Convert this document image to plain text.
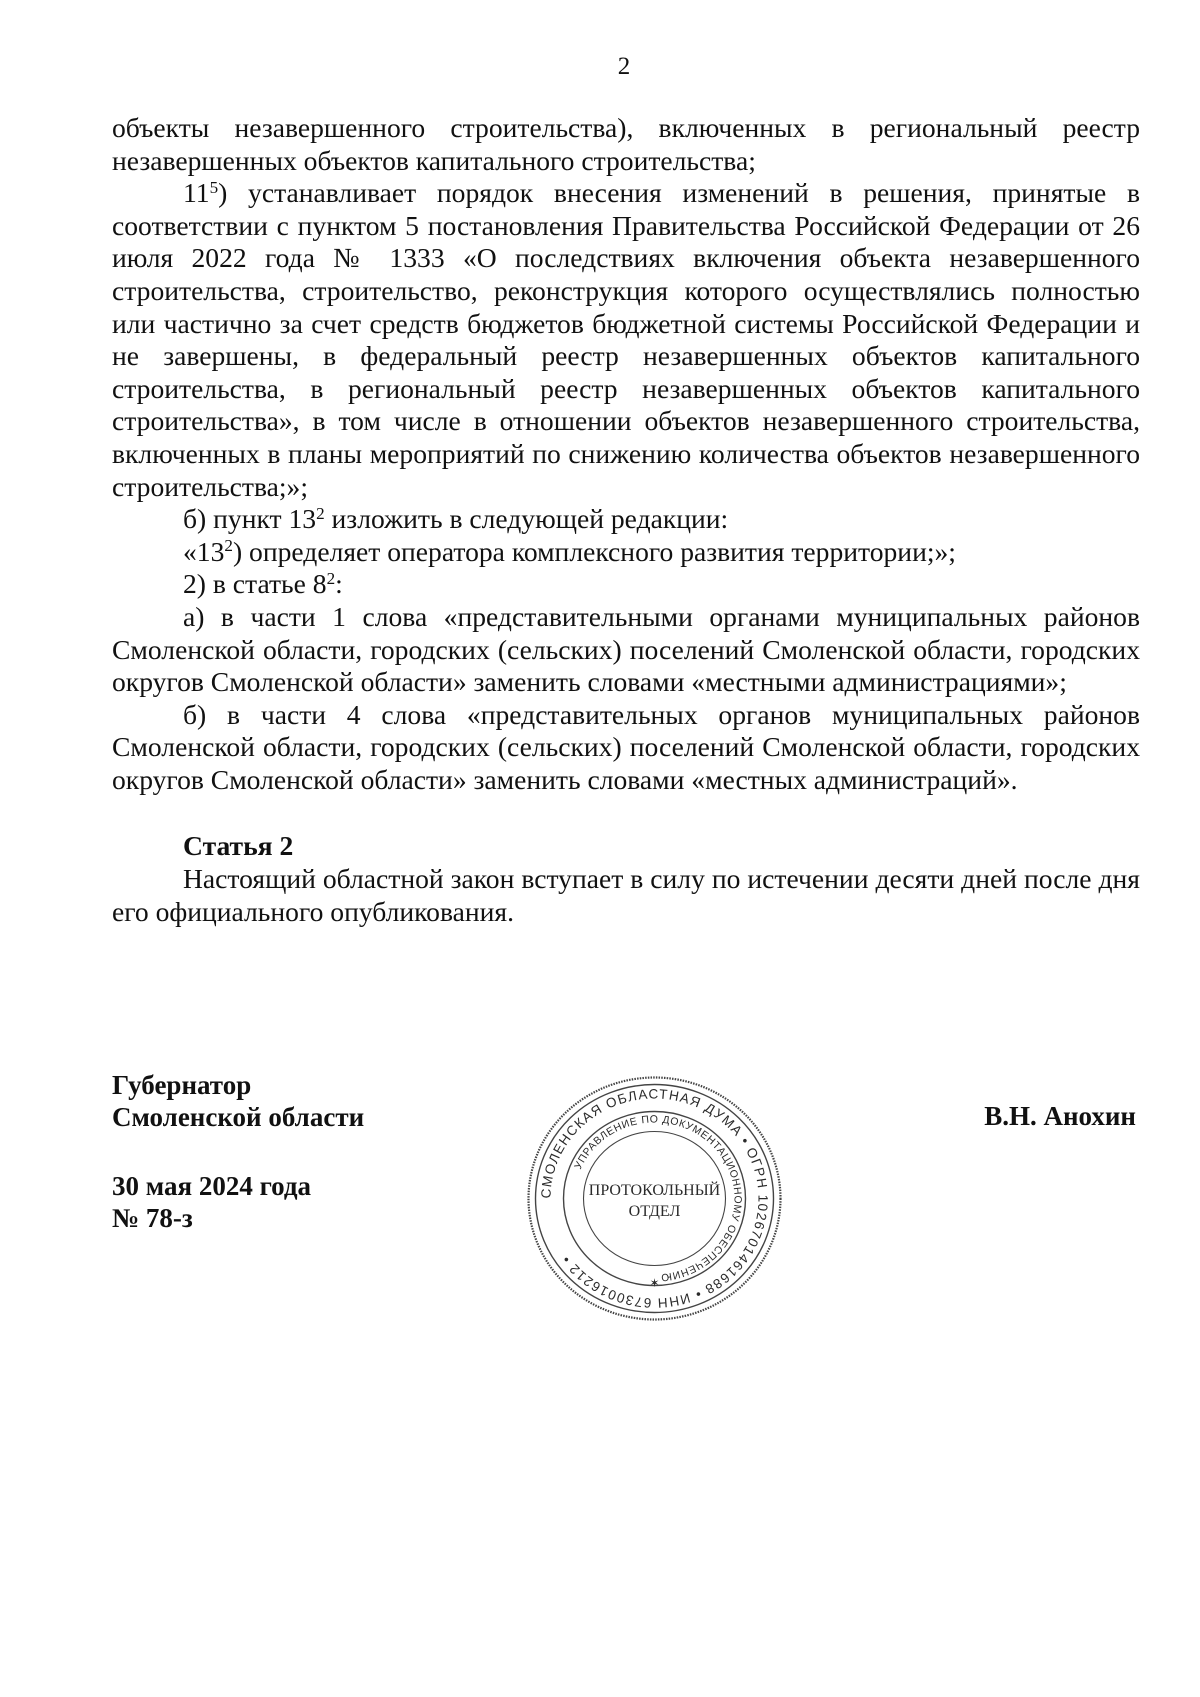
2

объекты незавершенного строительства), включенных в региональный реестр незавершенных объектов капитального строительства;

$11^5$) устанавливает порядок внесения изменений в решения, принятые в соответствии с пунктом 5 постановления Правительства Российской Федерации от 26 июля 2022 года № 1333 «О последствиях включения объекта незавершенного строительства, строительство, реконструкция которого осуществлялись полностью или частично за счет средств бюджетов бюджетной системы Российской Федерации и не завершены, в федеральный реестр незавершенных объектов капитального строительства, в региональный реестр незавершенных объектов капитального строительства», в том числе в отношении объектов незавершенного строительства, включенных в планы мероприятий по снижению количества объектов незавершенного строительства;»;

б) пункт $13^2$ изложить в следующей редакции:

«$13^2$) определяет оператора комплексного развития территории;»;

2) в статье $8^2$:

а) в части 1 слова «представительными органами муниципальных районов Смоленской области, городских (сельских) поселений Смоленской области, городских округов Смоленской области» заменить словами «местными администрациями»;

б) в части 4 слова «представительных органов муниципальных районов Смоленской области, городских (сельских) поселений Смоленской области, городских округов Смоленской области» заменить словами «местных администраций».

Статья 2

Настоящий областной закон вступает в силу по истечении десяти дней после дня его официального опубликования.

Губернатор
Смоленской области
30 мая 2024 года
№ 78-з
В.Н. Анохин
СМОЛЕНСКАЯ ОБЛАСТНАЯ ДУМА • ОГРН 1026701461688 • ИНН 6730016212 •
УПРАВЛЕНИЕ ПО ДОКУМЕНТАЦИОННОМУ ОБЕСПЕЧЕНИЮ
ПРОТОКОЛЬНЫЙ
ОТДЕЛ
✶
